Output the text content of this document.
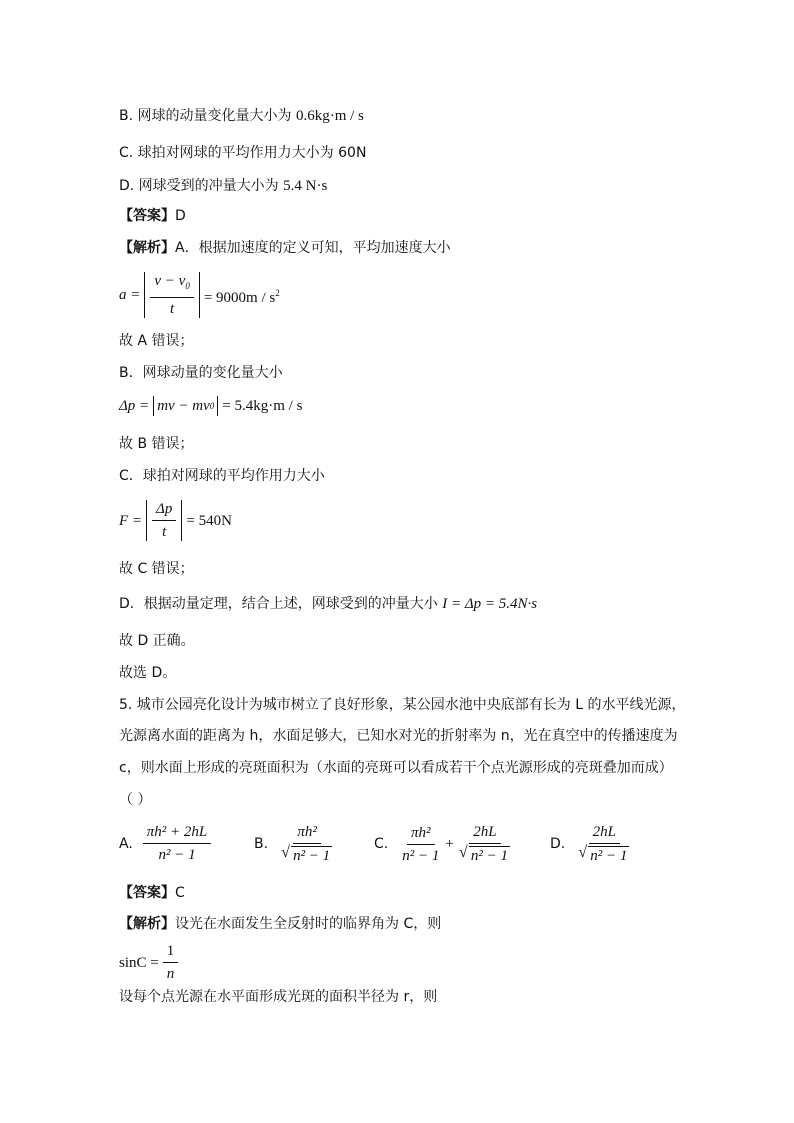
B. 网球的动量变化量大小为 0.6kg·m / s
C. 球拍对网球的平均作用力大小为 60N
D. 网球受到的冲量大小为 5.4 N·s
【答案】D
【解析】A．根据加速度的定义可知，平均加速度大小
$a = \frac{v - v_0}{t} = 9000m / s^2$
故 A 错误；
B．网球动量的变化量大小
Δp = mv − mv 0 = 5.4kg·m / s
故 B 错误；
C．球拍对网球的平均作用力大小
$F = \frac{\Delta p}{t} = 540N$
故 C 错误；
D．根据动量定理，结合上述，网球受到的冲量大小 I = Δp = 5.4N·s
故 D 正确。
故选 D。
5. 城市公园亮化设计为城市树立了良好形象，某公园水池中央底部有长为 L 的水平线光源，
光源离水面的距离为 h，水面足够大，已知水对光的折射率为 n，光在真空中的传播速度为
c，则水面上形成的亮斑面积为（水面的亮斑可以看成若干个点光源形成的亮斑叠加而成）
（ ）
A. $\frac{\text{πh² + 2hL}}{\text{n² − 1}}$	B. πh²
√ n² − 1	C. $\frac{\text{πh²}}{\text{n² − 1}} + 2hL$
√ n² − 1	D. 2hL
√ n² − 1
【答案】C
【解析】设光在水面发生全反射时的临界角为 C，则
$\sin C = \frac{1}{n}$
设每个点光源在水平面形成光斑的面积半径为 r，则
